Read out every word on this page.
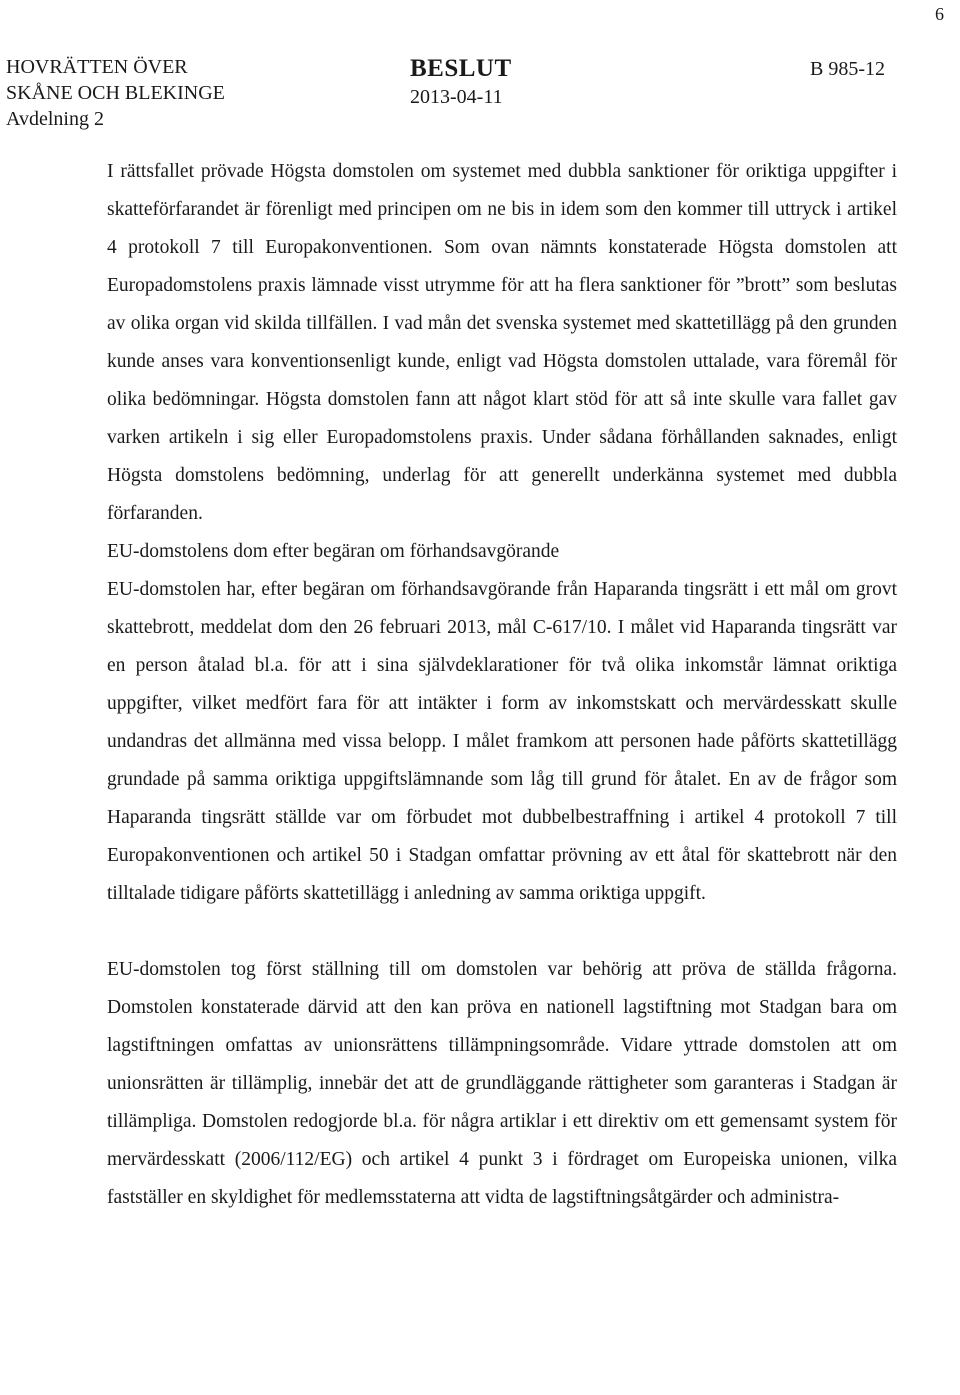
6
HOVRÄTTEN ÖVER
SKÅNE OCH BLEKINGE
Avdelning 2
BESLUT
2013-04-11
B 985-12

I rättsfallet prövade Högsta domstolen om systemet med dubbla sanktioner för oriktiga uppgifter i skatteförfarandet är förenligt med principen om ne bis in idem som den kommer till uttryck i artikel 4 protokoll 7 till Europakonventionen. Som ovan nämnts konstaterade Högsta domstolen att Europadomstolens praxis lämnade visst utrymme för att ha flera sanktioner för ”brott” som beslutas av olika organ vid skilda tillfällen. I vad mån det svenska systemet med skattetillägg på den grunden kunde anses vara konventionsenligt kunde, enligt vad Högsta domstolen uttalade, vara föremål för olika bedömningar. Högsta domstolen fann att något klart stöd för att så inte skulle vara fallet gav varken artikeln i sig eller Europadomstolens praxis. Under sådana förhållanden saknades, enligt Högsta domstolens bedömning, underlag för att generellt underkänna systemet med dubbla förfaranden.

EU-domstolens dom efter begäran om förhandsavgörande

EU-domstolen har, efter begäran om förhandsavgörande från Haparanda tingsrätt i ett mål om grovt skattebrott, meddelat dom den 26 februari 2013, mål C-617/10. I målet vid Haparanda tingsrätt var en person åtalad bl.a. för att i sina självdeklarationer för två olika inkomstår lämnat oriktiga uppgifter, vilket medfört fara för att intäkter i form av inkomstskatt och mervärdesskatt skulle undandras det allmänna med vissa belopp. I målet framkom att personen hade påförts skattetillägg grundade på samma oriktiga uppgiftslämnande som låg till grund för åtalet. En av de frågor som Haparanda tingsrätt ställde var om förbudet mot dubbelbestraffning i artikel 4 protokoll 7 till Europakonventionen och artikel 50 i Stadgan omfattar prövning av ett åtal för skattebrott när den tilltalade tidigare påförts skattetillägg i anledning av samma oriktiga uppgift.

EU-domstolen tog först ställning till om domstolen var behörig att pröva de ställda frågorna. Domstolen konstaterade därvid att den kan pröva en nationell lagstiftning mot Stadgan bara om lagstiftningen omfattas av unionsrättens tillämpningsområde. Vidare yttrade domstolen att om unionsrätten är tillämplig, innebär det att de grundläggande rättigheter som garanteras i Stadgan är tillämpliga. Domstolen redogjorde bl.a. för några artiklar i ett direktiv om ett gemensamt system för mervärdesskatt (2006/112/EG) och artikel 4 punkt 3 i fördraget om Europeiska unionen, vilka fastställer en skyldighet för medlemsstaterna att vidta de lagstiftningsåtgärder och administra-
